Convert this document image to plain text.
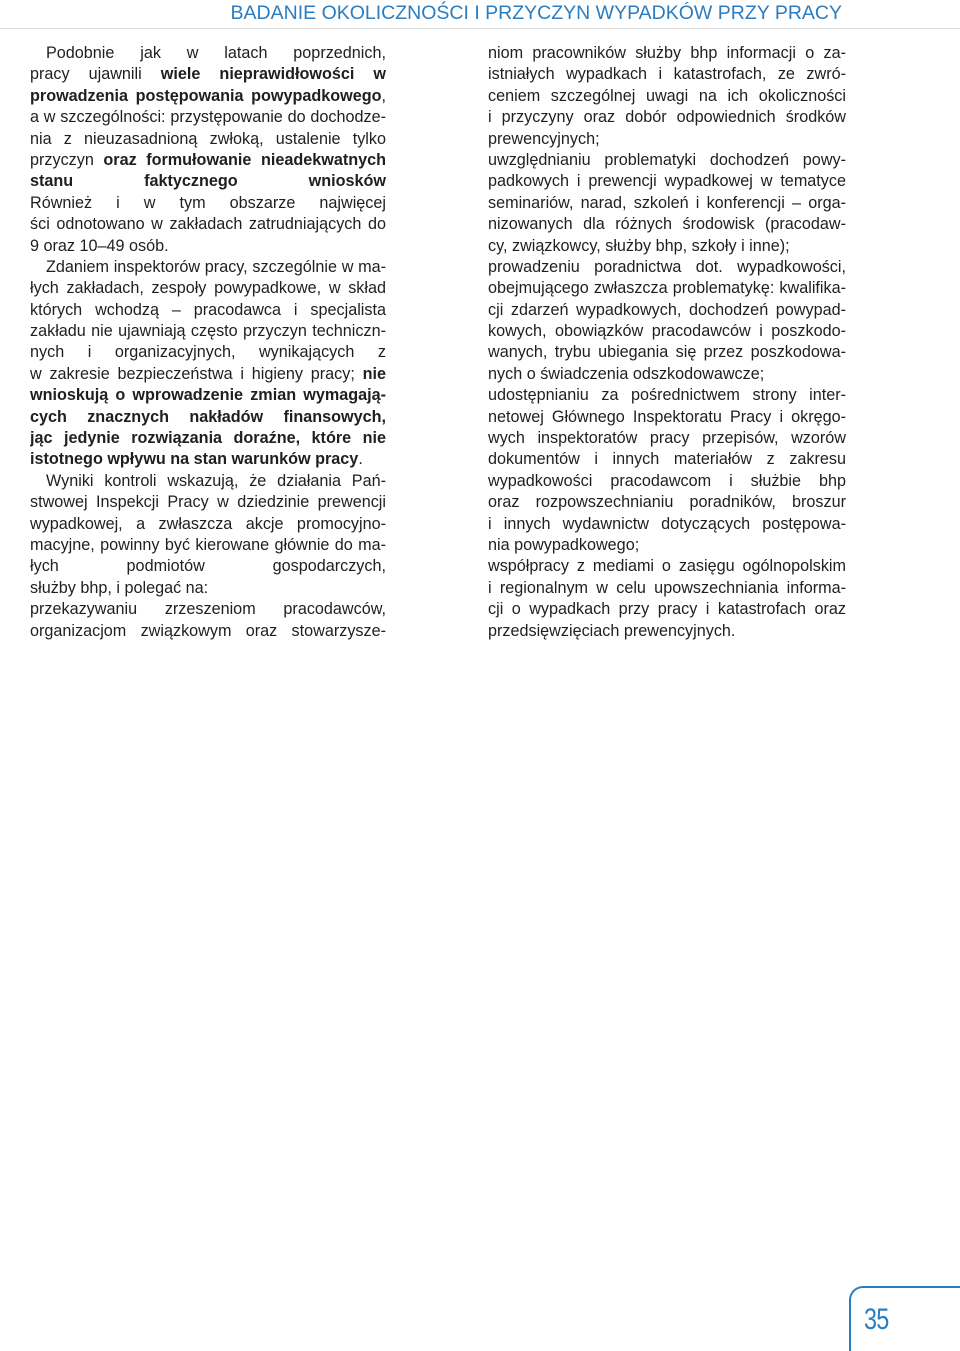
BADANIE OKOLICZNOŚCI I PRZYCZYN WYPADKÓW PRZY PRACY
Podobnie jak w latach poprzednich,
pracy ujawnili wiele nieprawidłowości w
prowadzenia postępowania powypadkowego,
a w szczególności: przystępowanie do dochodze-
nia z nieuzasadnioną zwłoką, ustalenie tylko
przyczyn oraz formułowanie nieadekwatnych
stanu faktycznego wniosków
Również i w tym obszarze najwięcej
ści odnotowano w zakładach zatrudniających do
9 oraz 10–49 osób.
Zdaniem inspektorów pracy, szczególnie w ma-
łych zakładach, zespoły powypadkowe, w skład
których wchodzą – pracodawca i specjalista
zakładu nie ujawniają często przyczyn techniczn-
nych i organizacyjnych, wynikających z
w zakresie bezpieczeństwa i higieny pracy; nie
wnioskują o wprowadzenie zmian wymagają-
cych znacznych nakładów finansowych,
jąc jedynie rozwiązania doraźne, które nie
istotnego wpływu na stan warunków pracy.
Wyniki kontroli wskazują, że działania Pań-
stwowej Inspekcji Pracy w dziedzinie prewencji
wypadkowej, a zwłaszcza akcje promocyjno-
macyjne, powinny być kierowane głównie do ma-
łych podmiotów gospodarczych,
służby bhp, i polegać na:
przekazywaniu zrzeszeniom pracodawców,
organizacjom związkowym oraz stowarzysze-
niom pracowników służby bhp informacji o za-
istniałych wypadkach i katastrofach, ze zwró-
ceniem szczególnej uwagi na ich okoliczności
i przyczyny oraz dobór odpowiednich środków
prewencyjnych;
uwzględnianiu problematyki dochodzeń powy-
padkowych i prewencji wypadkowej w tematyce
seminariów, narad, szkoleń i konferencji – orga-
nizowanych dla różnych środowisk (pracodaw-
cy, związkowcy, służby bhp, szkoły i inne);
prowadzeniu poradnictwa dot. wypadkowości,
obejmującego zwłaszcza problematykę: kwalifika-
cji zdarzeń wypadkowych, dochodzeń powypad-
kowych, obowiązków pracodawców i poszkodo-
wanych, trybu ubiegania się przez poszkodowa-
nych o świadczenia odszkodowawcze;
udostępnianiu za pośrednictwem strony inter-
netowej Głównego Inspektoratu Pracy i okręgo-
wych inspektoratów pracy przepisów, wzorów
dokumentów i innych materiałów z zakresu
wypadkowości pracodawcom i służbie bhp
oraz rozpowszechnianiu poradników, broszur
i innych wydawnictw dotyczących postępowa-
nia powypadkowego;
współpracy z mediami o zasięgu ogólnopolskim
i regionalnym w celu upowszechniania informa-
cji o wypadkach przy pracy i katastrofach oraz
przedsięwzięciach prewencyjnych.
35
